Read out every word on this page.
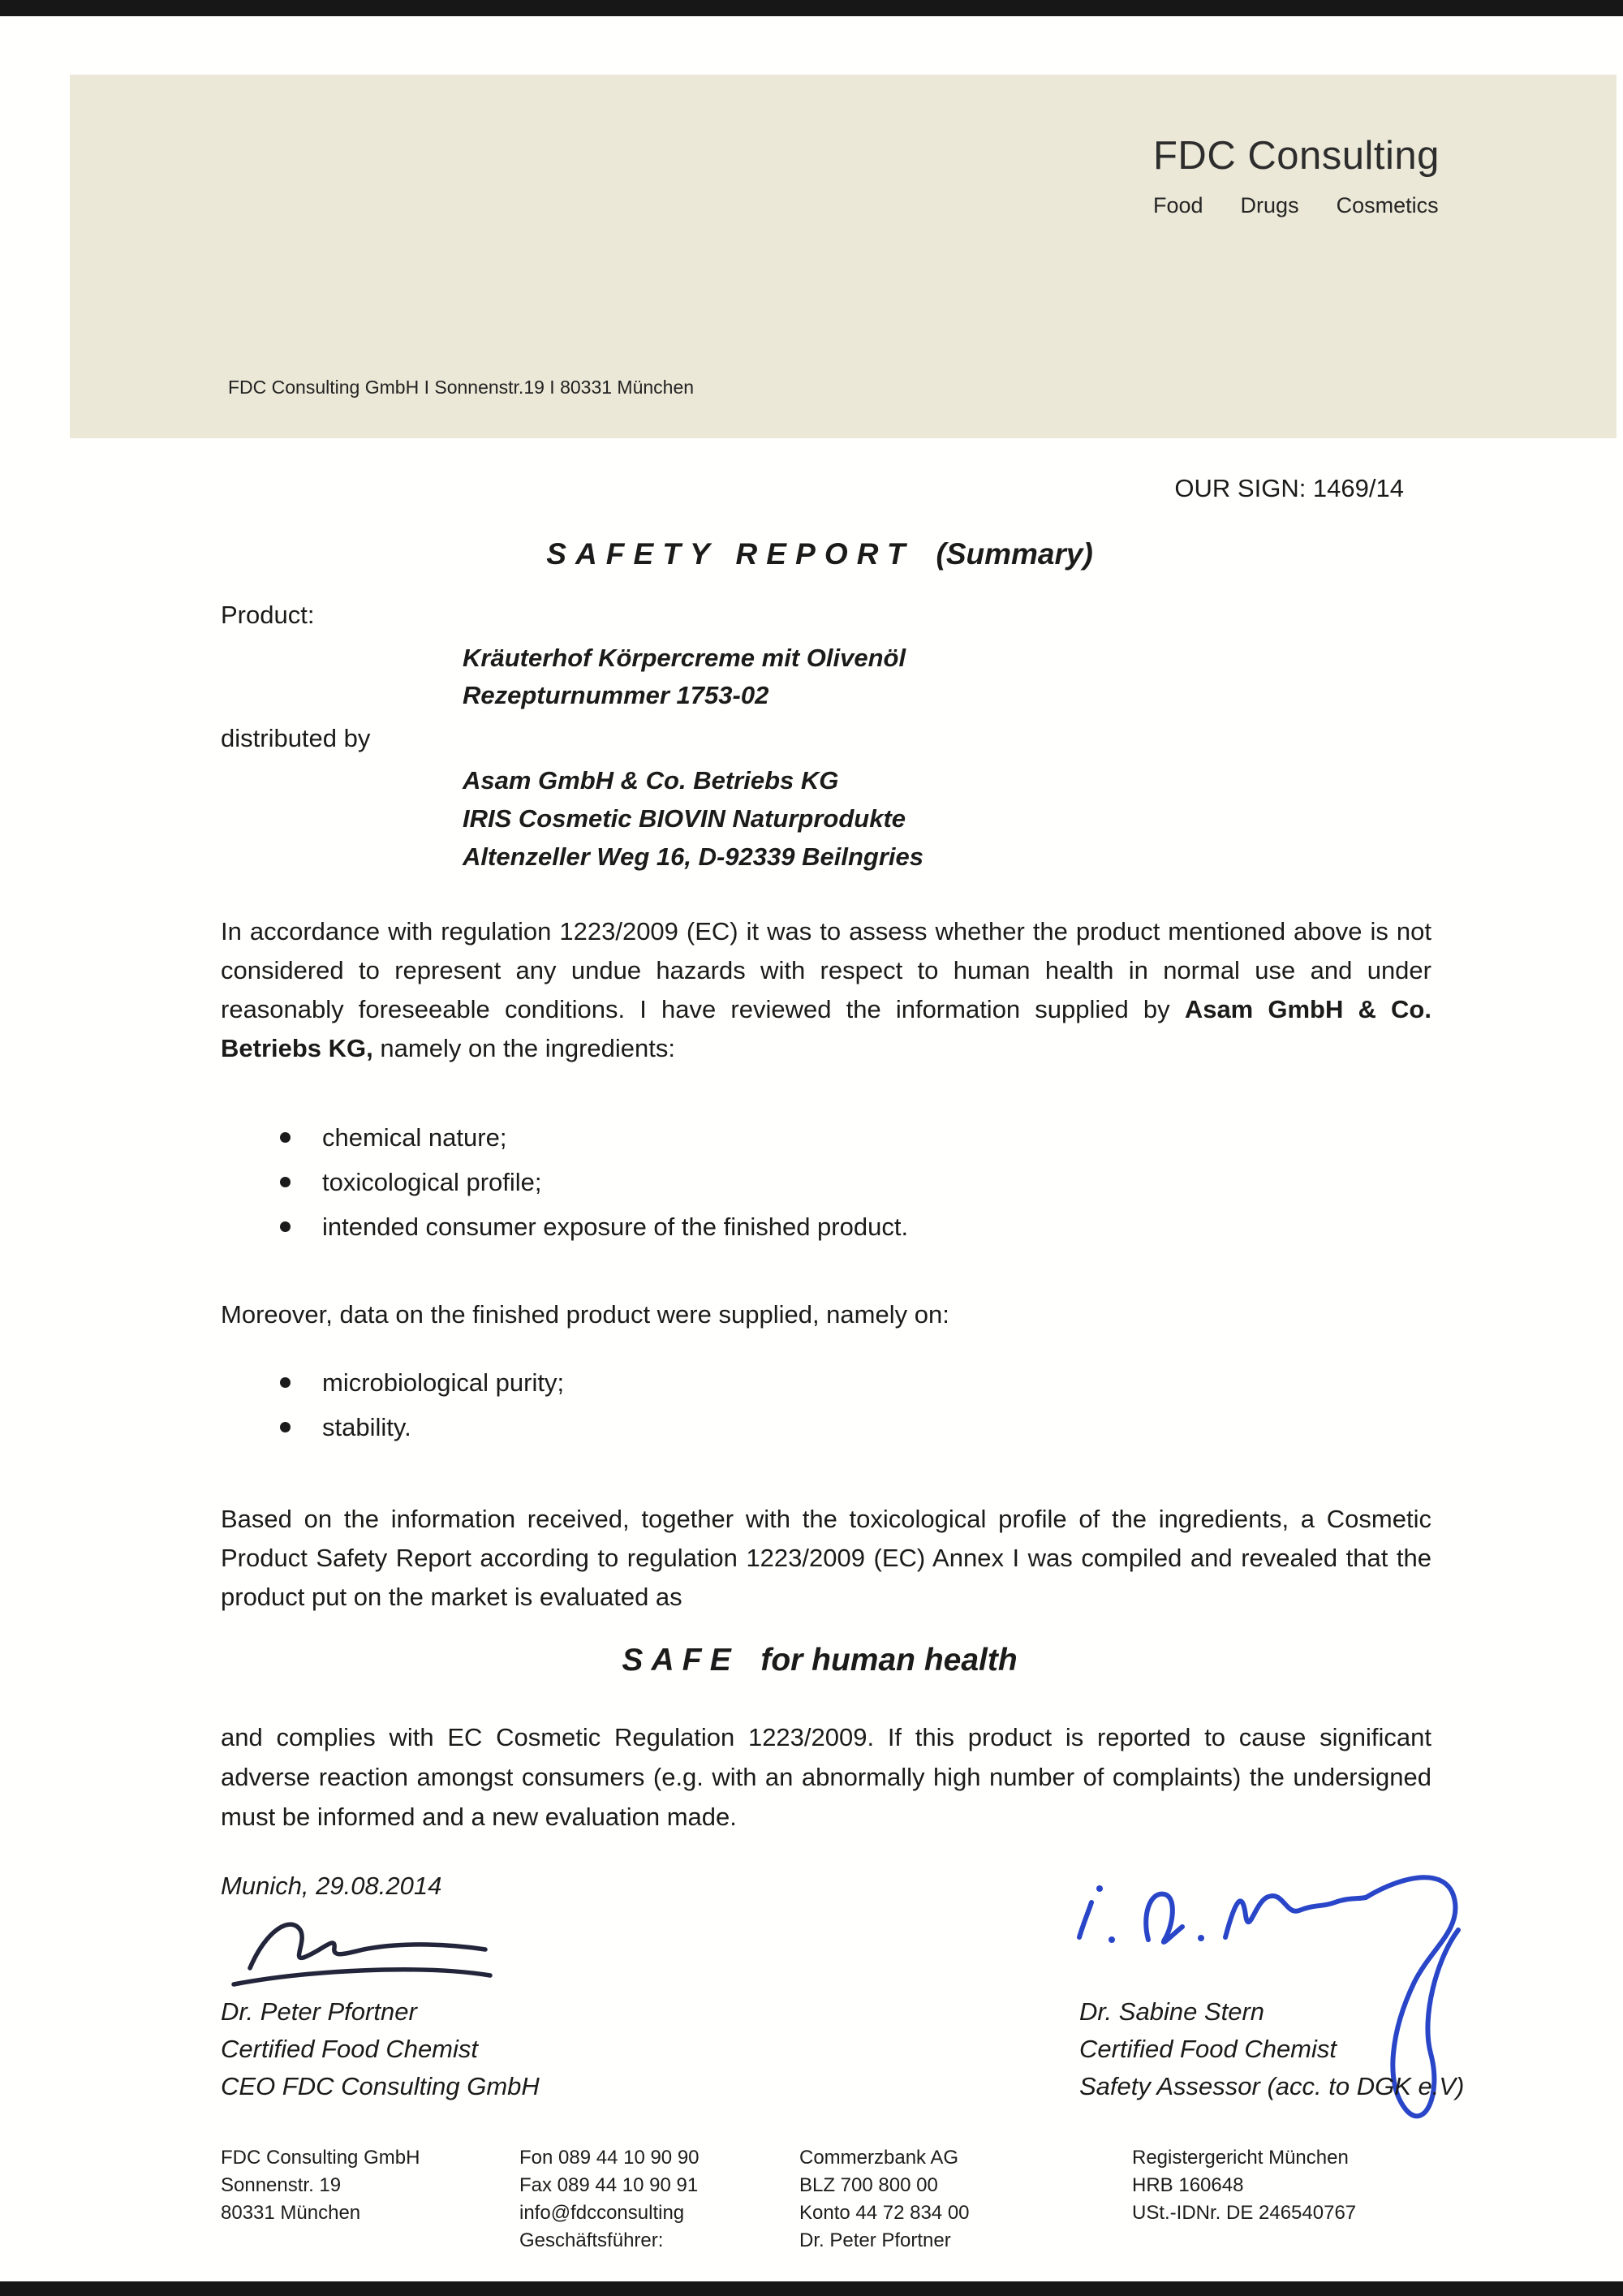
FDC Consulting
Food Drugs Cosmetics
FDC Consulting GmbH I Sonnenstr.19 I 80331 München
OUR SIGN: 1469/14
SAFETY REPORT (Summary)
Product:
Kräuterhof Körpercreme mit Olivenöl
Rezepturnummer 1753-02
distributed by
Asam GmbH & Co. Betriebs KG
IRIS Cosmetic BIOVIN Naturprodukte
Altenzeller Weg 16, D-92339 Beilngries
In accordance with regulation 1223/2009 (EC) it was to assess whether the product mentioned above is not considered to represent any undue hazards with respect to human health in normal use and under reasonably foreseeable conditions. I have reviewed the information supplied by Asam GmbH & Co. Betriebs KG, namely on the ingredients:
chemical nature;
toxicological profile;
intended consumer exposure of the finished product.
Moreover, data on the finished product were supplied, namely on:
microbiological purity;
stability.
Based on the information received, together with the toxicological profile of the ingredients, a Cosmetic Product Safety Report according to regulation 1223/2009 (EC) Annex I was compiled and revealed that the product put on the market is evaluated as
SAFE for human health
and complies with EC Cosmetic Regulation 1223/2009. If this product is reported to cause significant adverse reaction amongst consumers (e.g. with an abnormally high number of complaints) the undersigned must be informed and a new evaluation made.
Munich, 29.08.2014
Dr. Peter Pfortner
Certified Food Chemist
CEO FDC Consulting GmbH
Dr. Sabine Stern
Certified Food Chemist
Safety Assessor (acc. to DGK e.V)
FDC Consulting GmbH
Sonnenstr. 19
80331 München
Fon 089 44 10 90 90
Fax 089 44 10 90 91
info@fdcconsulting
Geschäftsführer:
Commerzbank AG
BLZ 700 800 00
Konto 44 72 834 00
Dr. Peter Pfortner
Registergericht München
HRB 160648
USt.-IDNr. DE 246540767
